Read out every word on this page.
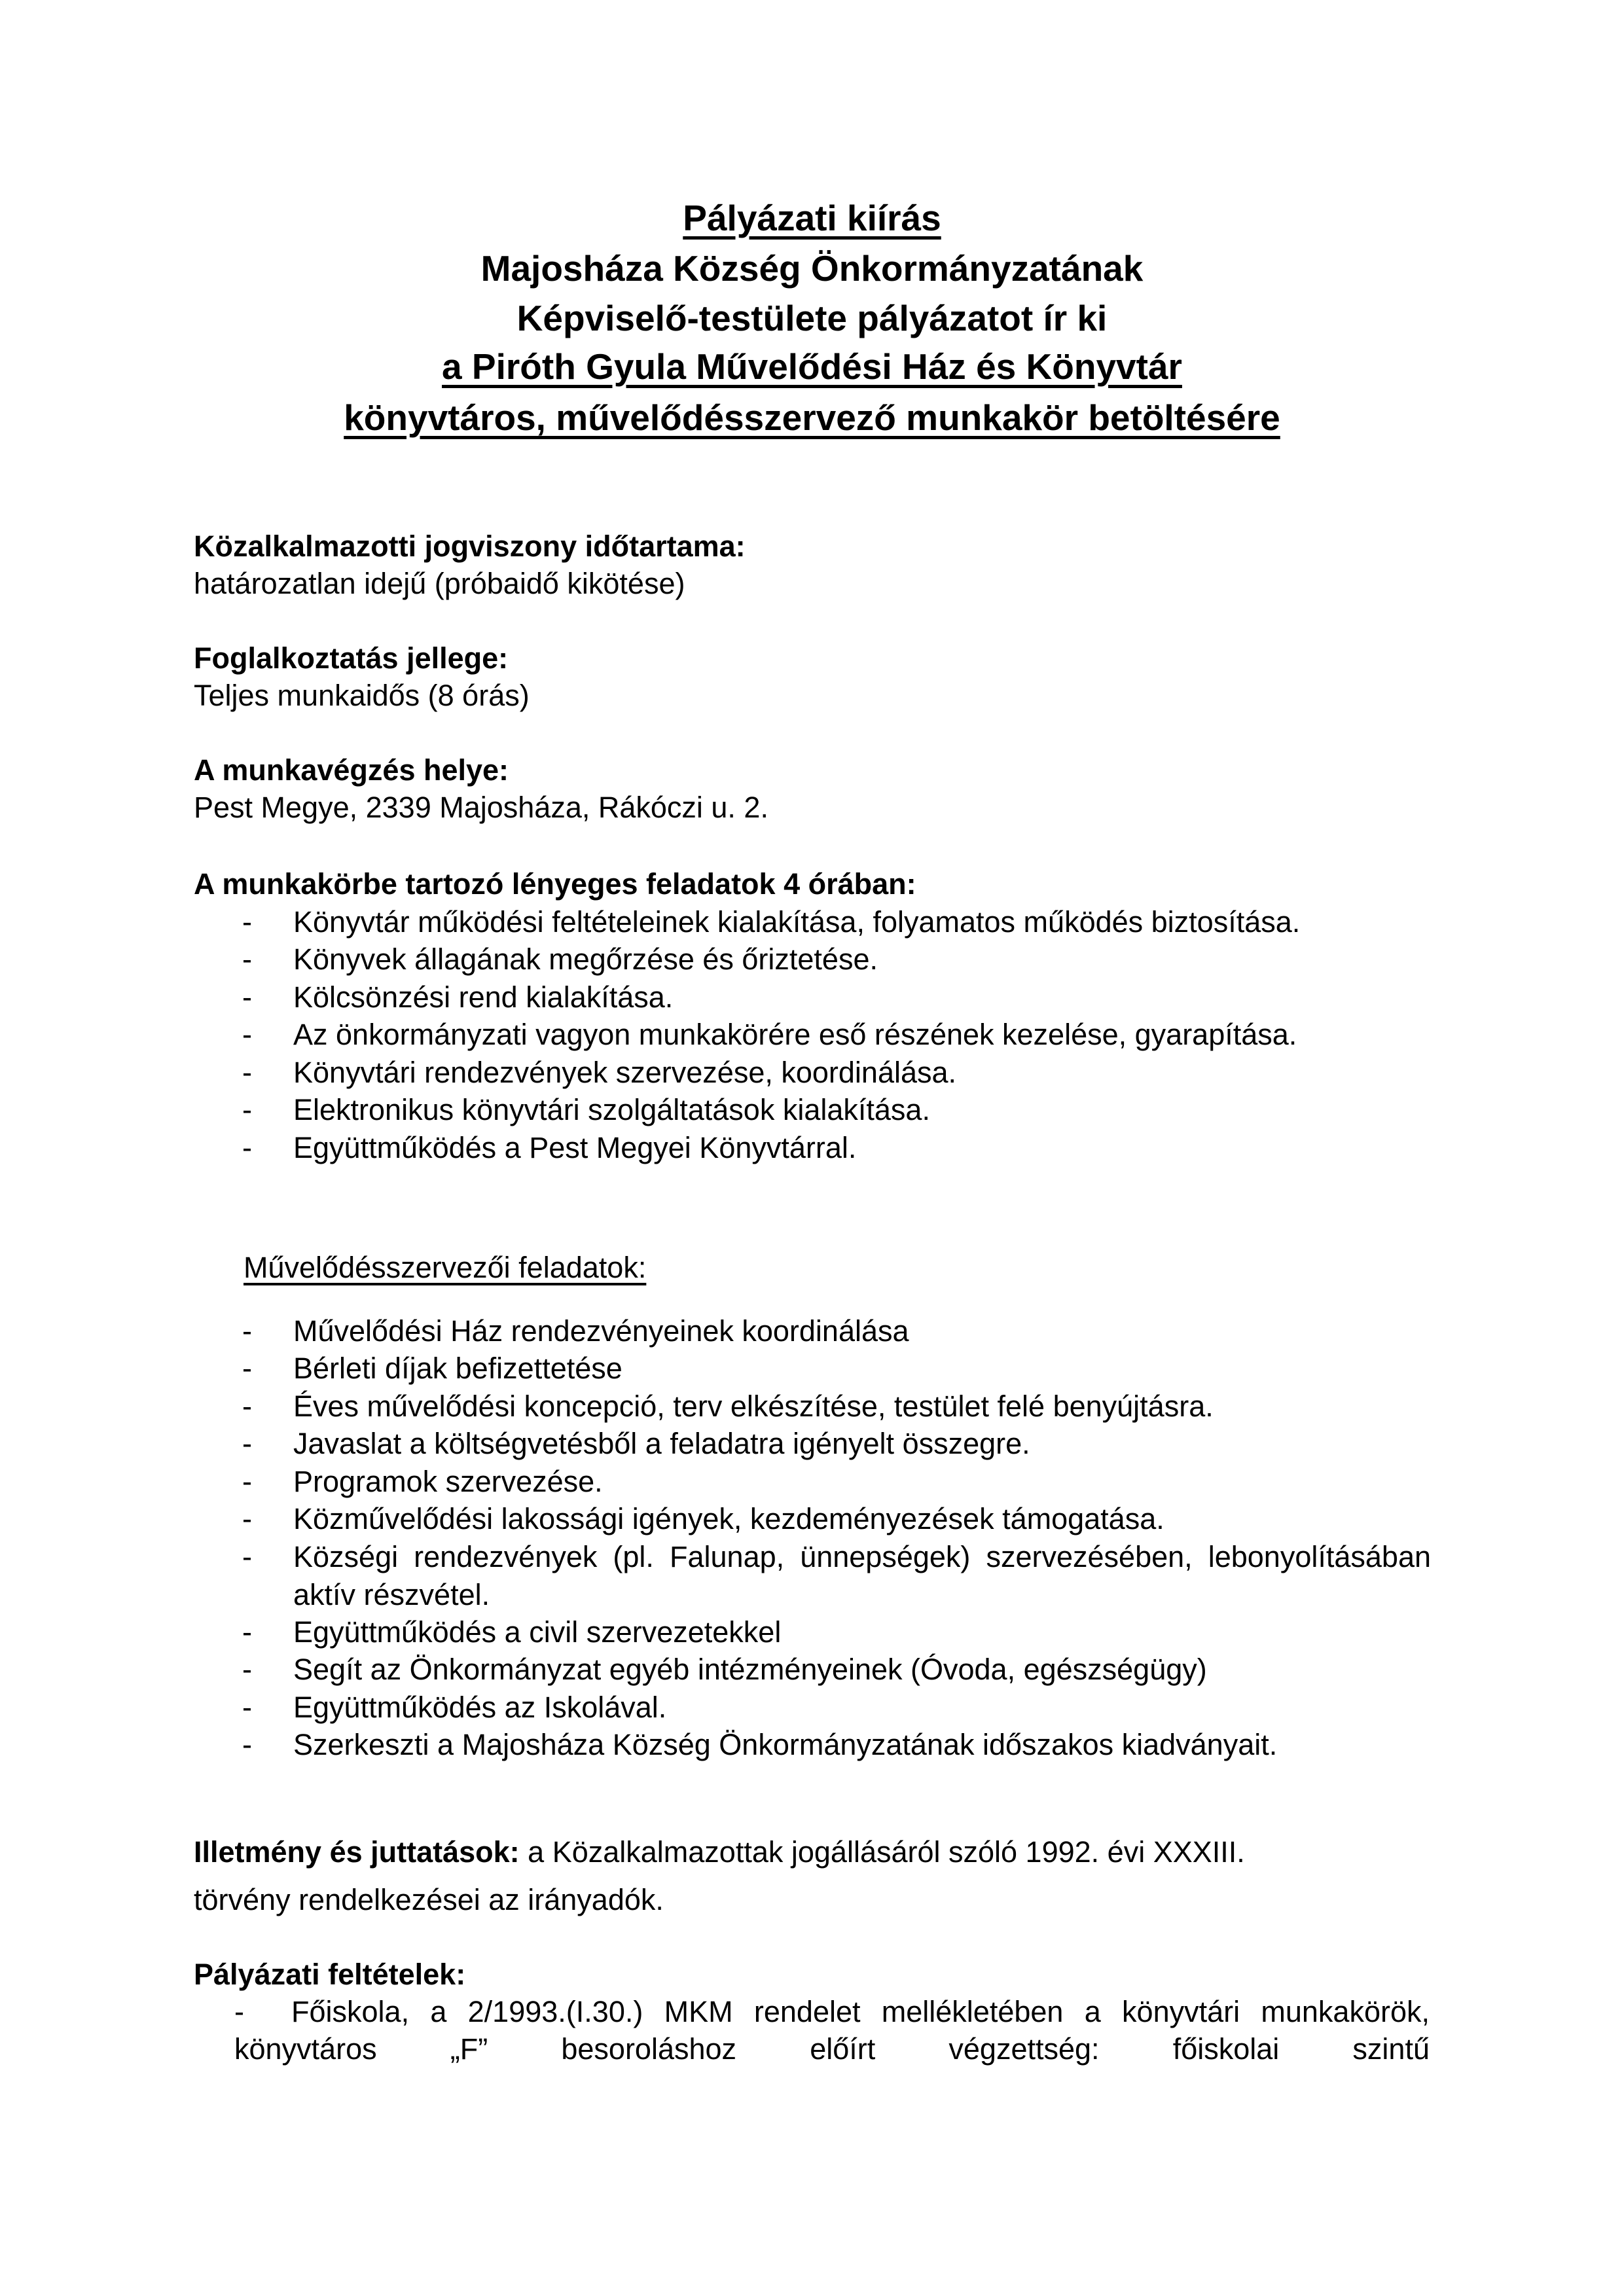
Pályázati kiírás
Majosháza Község Önkormányzatának
Képviselő-testülete pályázatot ír ki
a Piróth Gyula Művelődési Ház és Könyvtár
könyvtáros, művelődésszervező munkakör betöltésére
Közalkalmazotti jogviszony időtartama:
határozatlan idejű (próbaidő kikötése)
Foglalkoztatás jellege:
Teljes munkaidős (8 órás)
A munkavégzés helye:
Pest Megye, 2339 Majosháza, Rákóczi u. 2.
A munkakörbe tartozó lényeges feladatok 4 órában:
- Könyvtár működési feltételeinek kialakítása, folyamatos működés biztosítása.
- Könyvek állagának megőrzése és őriztetése.
- Kölcsönzési rend kialakítása.
- Az önkormányzati vagyon munkakörére eső részének kezelése, gyarapítása.
- Könyvtári rendezvények szervezése, koordinálása.
- Elektronikus könyvtári szolgáltatások kialakítása.
- Együttműködés a Pest Megyei Könyvtárral.
Művelődésszervezői feladatok:
- Művelődési Ház rendezvényeinek koordinálása
- Bérleti díjak befizettetése
- Éves művelődési koncepció, terv elkészítése, testület felé benyújtásra.
- Javaslat a költségvetésből a feladatra igényelt összegre.
- Programok szervezése.
- Közművelődési lakossági igények, kezdeményezések támogatása.
- Községi rendezvények (pl. Falunap, ünnepségek) szervezésében, lebonyolításában aktív részvétel.
- Együttműködés a civil szervezetekkel
- Segít az Önkormányzat egyéb intézményeinek (Óvoda, egészségügy)
- Együttműködés az Iskolával.
- Szerkeszti a Majosháza Község Önkormányzatának időszakos kiadványait.
Illetmény és juttatások: a Közalkalmazottak jogállásáról szóló 1992. évi XXXIII.
törvény rendelkezései az irányadók.
Pályázati feltételek:
- Főiskola, a 2/1993.(I.30.) MKM rendelet mellékletében a könyvtári munkakörök, könyvtáros „F” besoroláshoz előírt végzettség: főiskolai szintű
